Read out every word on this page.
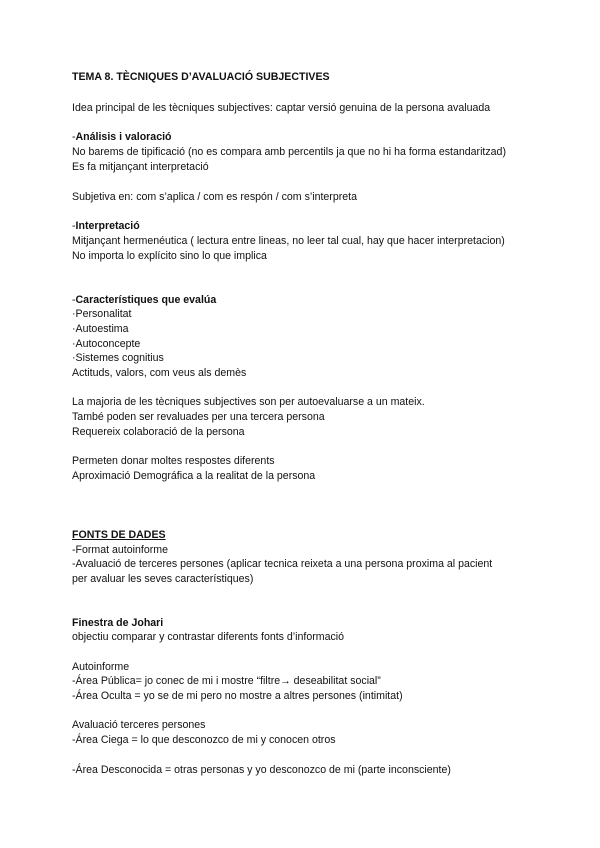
TEMA 8. TÈCNIQUES D’AVALUACIÓ SUBJECTIVES
Idea principal de les tècniques subjectives: captar versió genuina de la persona avaluada
-Análisis i valoració
No barems de tipificació (no es compara amb percentils ja que no hi ha forma estandaritzad)
Es fa mitjançant interpretació
Subjetiva en: com s’aplica / com es respón / com s’interpreta
-Interpretació
Mitjançant hermenéutica ( lectura entre lineas, no leer tal cual, hay que hacer interpretacion)
No importa lo explícito sino lo que implica
-Característiques que evalúa
·Personalitat
·Autoestima
·Autoconcepte
·Sistemes cognitius
Actituds, valors, com veus als demès
La majoria de les tècniques subjectives son per autoevaluarse a un mateix.
També poden ser revaluades per una tercera persona
Requereix colaboració de la persona
Permeten donar moltes respostes diferents
Aproximació Demográfica a la realitat de la persona
FONTS DE DADES
-Format autoinforme
-Avaluació de terceres persones (aplicar tecnica reixeta a una persona proxima al pacient
per avaluar les seves característiques)
Finestra de Johari
objectiu comparar y contrastar diferents fonts d’informació
Autoinforme
-Área Pública= jo conec de mi i mostre “filtre→ deseabilitat social”
-Área Oculta = yo se de mi pero no mostre a altres persones (intimitat)
Avaluació terceres persones
-Área Ciega = lo que desconozco de mi y conocen otros
-Área Desconocida = otras personas y yo desconozco de mi (parte inconsciente)
